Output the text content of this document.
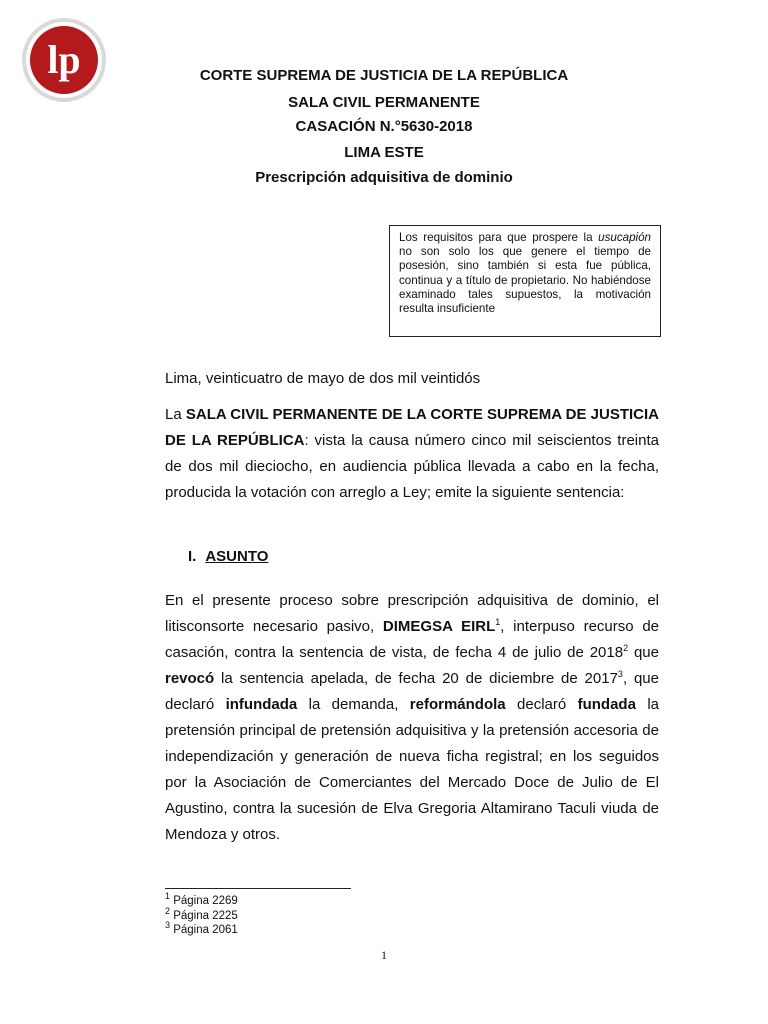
lp	CORTE SUPREMA DE JUSTICIA DE LA REPÚBLICA
SALA CIVIL PERMANENTE
CASACIÓN N.°5630-2018
LIMA ESTE
Prescripción adquisitiva de dominio
Los requisitos para que prospere la usucapión no son solo los que genere el tiempo de posesión, sino también si esta fue pública, continua y a título de propietario. No habiéndose examinado tales supuestos, la motivación resulta insuficiente
Lima, veinticuatro de mayo de dos mil veintidós
La SALA CIVIL PERMANENTE DE LA CORTE SUPREMA DE JUSTICIA DE LA REPÚBLICA: vista la causa número cinco mil seiscientos treinta de dos mil dieciocho, en audiencia pública llevada a cabo en la fecha, producida la votación con arreglo a Ley; emite la siguiente sentencia:
I. ASUNTO
En el presente proceso sobre prescripción adquisitiva de dominio, el litisconsorte necesario pasivo, DIMEGSA EIRL$^1$, interpuso recurso de casación, contra la sentencia de vista, de fecha 4 de julio de 2018$^2$ que revocó la sentencia apelada, de fecha 20 de diciembre de 2017$^3$, que declaró infundada la demanda, reformándola declaró fundada la pretensión principal de pretensión adquisitiva y la pretensión accesoria de independización y generación de nueva ficha registral; en los seguidos por la Asociación de Comerciantes del Mercado Doce de Julio de El Agustino, contra la sucesión de Elva Gregoria Altamirano Taculi viuda de Mendoza y otros.
$^1$ Página 2269
$^2$ Página 2225
$^3$ Página 2061
1
